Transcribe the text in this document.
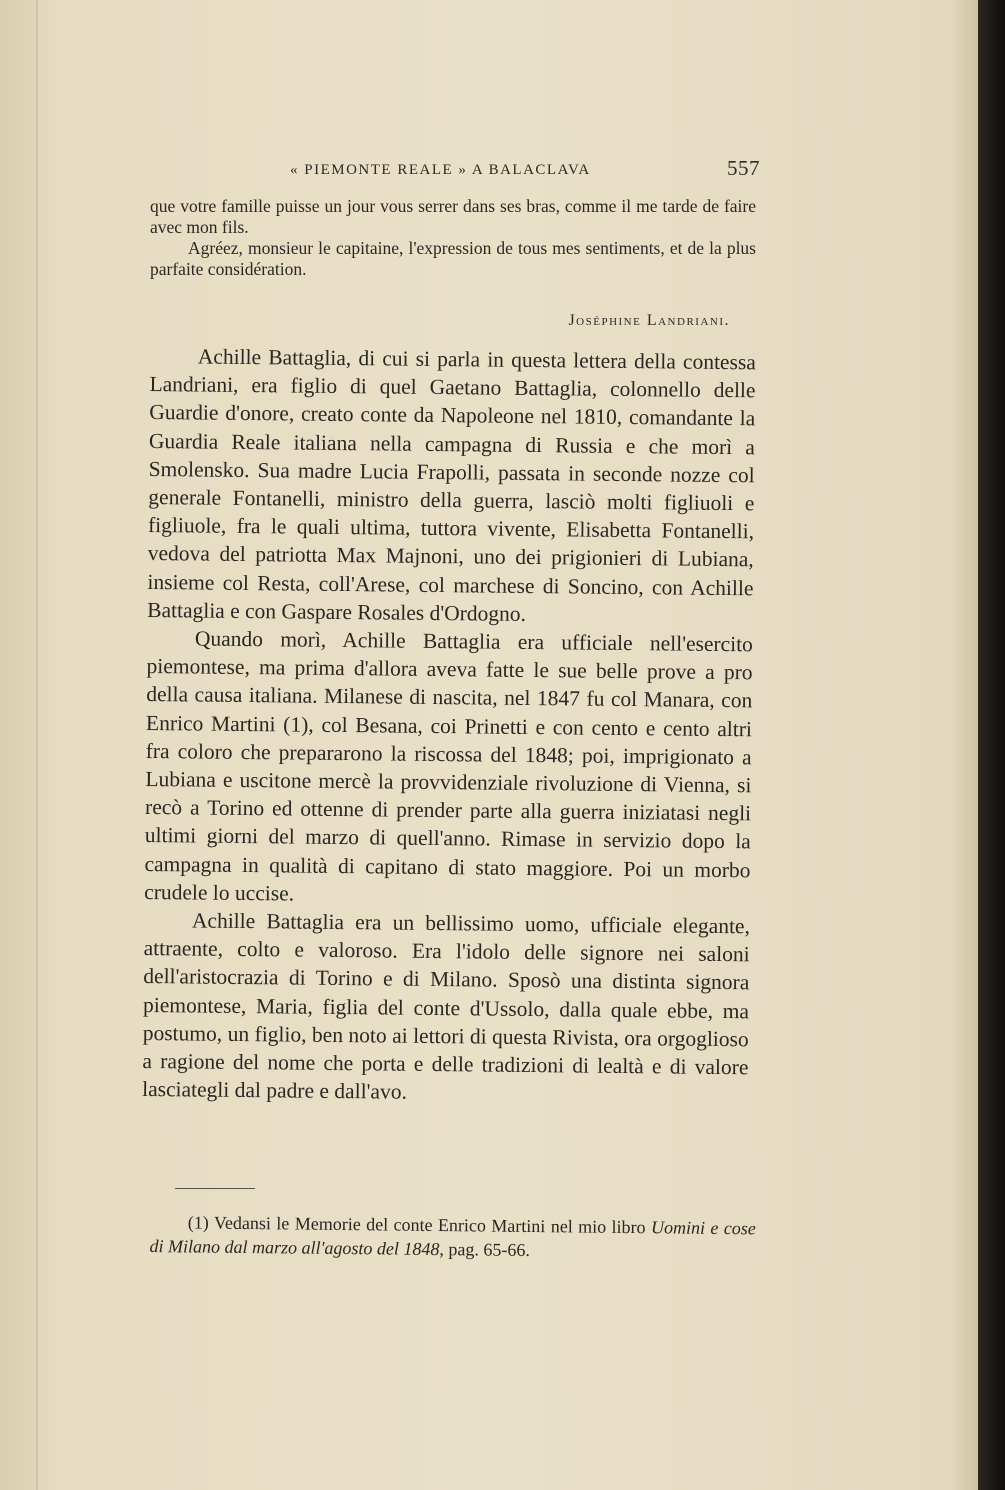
« PIEMONTE REALE » A BALACLAVA	557

que votre famille puisse un jour vous serrer dans ses bras, comme il me tarde de faire avec mon fils.

Agréez, monsieur le capitaine, l'expression de tous mes sentiments, et de la plus parfaite considération.

Joséphine Landriani.

Achille Battaglia, di cui si parla in questa lettera della contessa Landriani, era figlio di quel Gaetano Battaglia, colonnello delle Guardie d'onore, creato conte da Napoleone nel 1810, comandante la Guardia Reale italiana nella campagna di Russia e che morì a Smolensko. Sua madre Lucia Frapolli, passata in seconde nozze col generale Fontanelli, ministro della guerra, lasciò molti figliuoli e figliuole, fra le quali ultima, tuttora vivente, Elisabetta Fontanelli, vedova del patriotta Max Majnoni, uno dei prigionieri di Lubiana, insieme col Resta, coll'Arese, col marchese di Soncino, con Achille Battaglia e con Gaspare Rosales d'Ordogno.

Quando morì, Achille Battaglia era ufficiale nell'esercito piemontese, ma prima d'allora aveva fatte le sue belle prove a pro della causa italiana. Milanese di nascita, nel 1847 fu col Manara, con Enrico Martini (1), col Besana, coi Prinetti e con cento e cento altri fra coloro che prepararono la riscossa del 1848; poi, imprigionato a Lubiana e uscitone mercè la provvidenziale rivoluzione di Vienna, si recò a Torino ed ottenne di prender parte alla guerra iniziatasi negli ultimi giorni del marzo di quell'anno. Rimase in servizio dopo la campagna in qualità di capitano di stato maggiore. Poi un morbo crudele lo uccise.

Achille Battaglia era un bellissimo uomo, ufficiale elegante, attraente, colto e valoroso. Era l'idolo delle signore nei saloni dell'aristocrazia di Torino e di Milano. Sposò una distinta signora piemontese, Maria, figlia del conte d'Ussolo, dalla quale ebbe, ma postumo, un figlio, ben noto ai lettori di questa Rivista, ora orgoglioso a ragione del nome che porta e delle tradizioni di lealtà e di valore lasciategli dal padre e dall'avo.

(1) Vedansi le Memorie del conte Enrico Martini nel mio libro Uomini e cose di Milano dal marzo all'agosto del 1848, pag. 65-66.
